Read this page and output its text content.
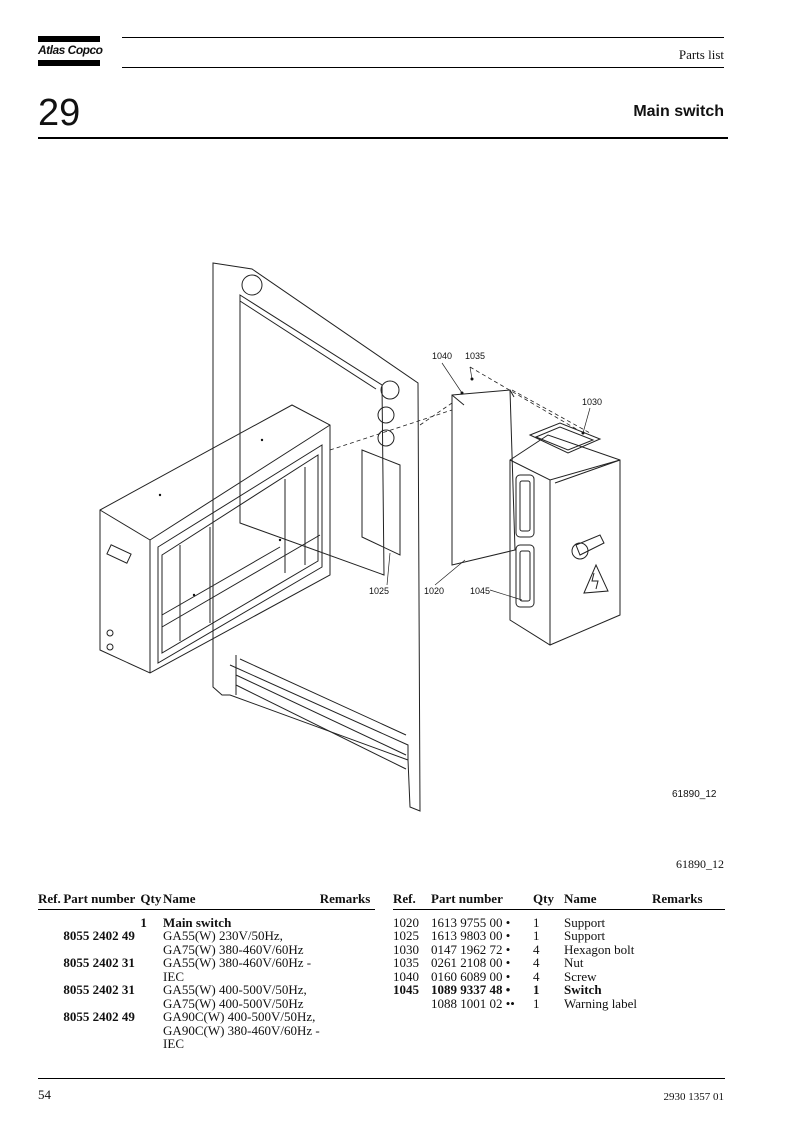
Atlas Copco	Parts list
29	Main switch
1040 1035
1030
1025	1020	1045
61890_12
61890_12
Ref.	Part number	Qty	Name	Remarks
		1	Main switch	
	8055 2402 49		GA55(W) 230V/50Hz,	
			GA75(W) 380-460V/60Hz	
	8055 2402 31		GA55(W) 380-460V/60Hz -	
			IEC	
	8055 2402 31		GA55(W) 400-500V/50Hz,	
			GA75(W) 400-500V/50Hz	
	8055 2402 49		GA90C(W) 400-500V/50Hz,	
			GA90C(W) 380-460V/60Hz -	
			IEC	
Ref.	Part number	Qty	Name	Remarks
1020	1613 9755 00 •	1	Support	
1025	1613 9803 00 •	1	Support	
1030	0147 1962 72 •	4	Hexagon bolt	
1035	0261 2108 00 •	4	Nut	
1040	0160 6089 00 •	4	Screw	
1045	1089 9337 48 •	1	Switch	
	1088 1001 02 ••	1	Warning label	
54	2930 1357 01
